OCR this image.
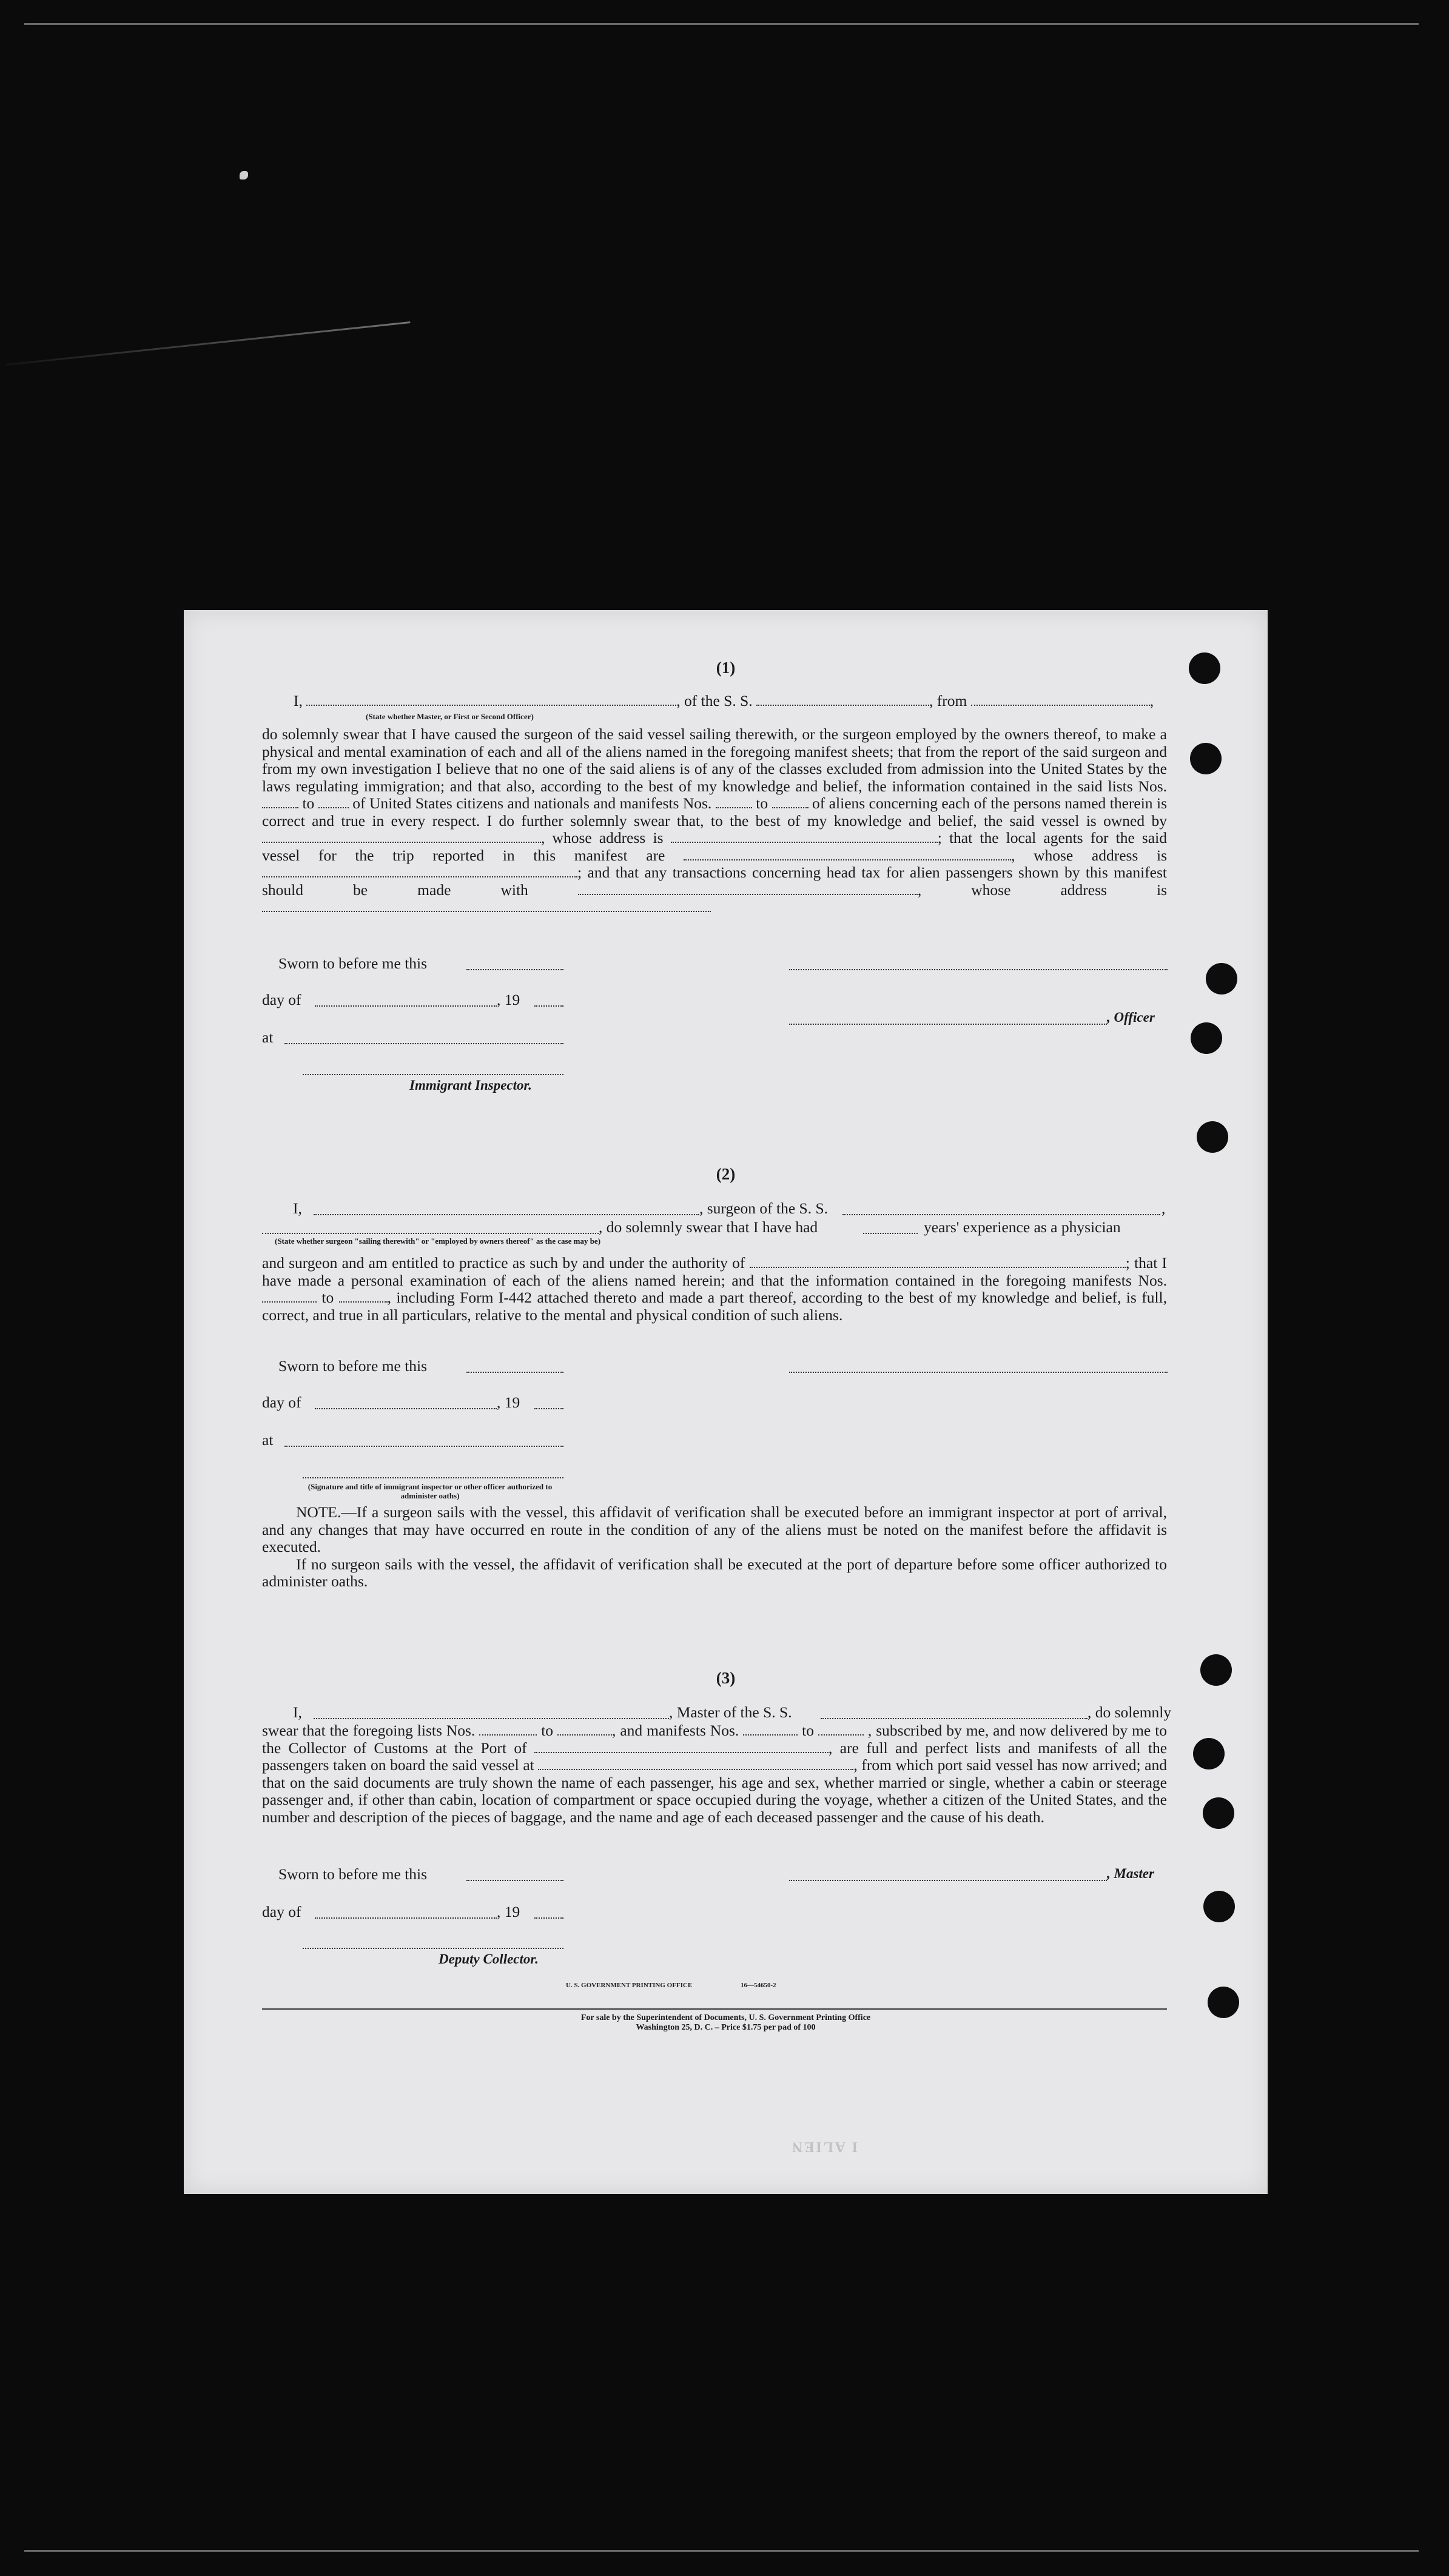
I ALIEN
(1)
I,	, of the S. S.	, from	,
(State whether Master, or First or Second Officer)

do solemnly swear that I have caused the surgeon of the said vessel sailing therewith, or the surgeon employed by the owners thereof, to make a physical and mental examination of each and all of the aliens named in the foregoing manifest sheets; that from the report of the said surgeon and from my own investigation I believe that no one of the said aliens is of any of the classes excluded from admission into the United States by the laws regulating immigration; and that also, according to the best of my knowledge and belief, the information contained in the said lists Nos.  to of United States citizens and nationals and manifests Nos.	to	of aliens concerning each of the persons named therein is correct and true in every respect. I do further solemnly swear that, to the best of my knowledge and belief, the said vessel is owned by , whose address is	; that the local agents for the said vessel for the trip reported in this manifest are	, whose address is ; and that any transactions concerning head tax for alien passengers shown by this manifest should be made with	, whose address is

Sworn to before me this
day of	, 19
, Officer
at
Immigrant Inspector.
(2)
I,	, surgeon of the S. S.	,
, do solemnly swear that I have had	years' experience as a physician
(State whether surgeon "sailing therewith" or "employed by owners thereof" as the case may be)

and surgeon and am entitled to practice as such by and under the authority of	; that I have made a personal examination of each of the aliens named herein; and that the information contained in the foregoing manifests Nos.  to	, including Form I-442 attached thereto and made a part thereof, according to the best of my knowledge and belief, is full, correct, and true in all particulars, relative to the mental and physical condition of such aliens.

Sworn to before me this
day of	, 19
at
(Signature and title of immigrant inspector or other officer authorized to administer oaths)

NOTE.—If a surgeon sails with the vessel, this affidavit of verification shall be executed before an immigrant inspector at port of arrival, and any changes that may have occurred en route in the condition of any of the aliens must be noted on the manifest before the affidavit is executed.

If no surgeon sails with the vessel, the affidavit of verification shall be executed at the port of departure before some officer authorized to administer oaths.

(3)
I,	, Master of the S. S.	, do solemnly

swear that the foregoing lists Nos.	to	, and manifests Nos.	to	, subscribed by me, and now delivered by me to the Collector of Customs at the Port of	, are full and perfect lists and manifests of all the passengers taken on board the said vessel at	, from which port said vessel has now arrived; and that on the said documents are truly shown the name of each passenger, his age and sex, whether married or single, whether a cabin or steerage passenger and, if other than cabin, location of compartment or space occupied during the voyage, whether a citizen of the United States, and the number and description of the pieces of baggage, and the name and age of each deceased passenger and the cause of his death.

Sworn to before me this	, Master
day of	, 19
Deputy Collector.
U. S. GOVERNMENT PRINTING OFFICE	16—54650-2
For sale by the Superintendent of Documents, U. S. Government Printing Office
Washington 25, D. C. – Price $1.75 per pad of 100
